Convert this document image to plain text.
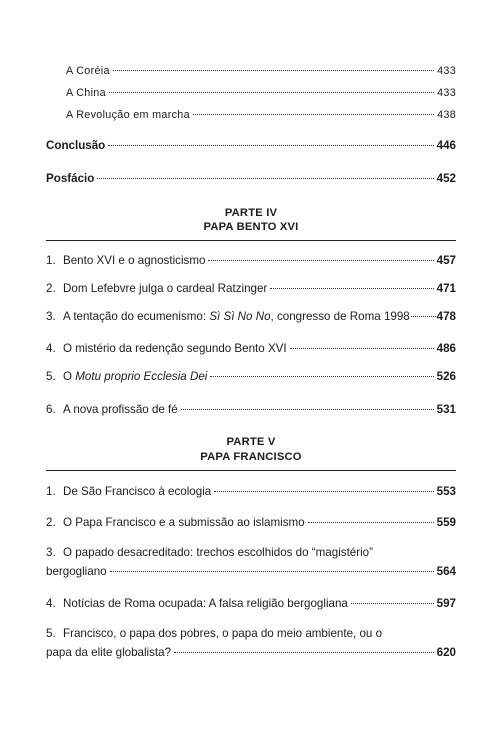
A Coréia	433
A China	433
A Revolução em marcha	438
Conclusão	446
Posfácio	452
PARTE IV
PAPA BENTO XVI
1. Bento XVI e o agnosticismo	457
2. Dom Lefebvre julga o cardeal Ratzinger	471
3. A tentação do ecumenismo: Sì Sì No No, congresso de Roma 1998 478
4. O mistério da redenção segundo Bento XVI	486
5. O Motu proprio Ecclesia Dei	526
6. A nova profissão de fé	531
PARTE V
PAPA FRANCISCO
1. De São Francisco à ecologia	553
2. O Papa Francisco e a submissão ao islamismo	559
3. O papado desacreditado: trechos escolhidos do “magistério”
bergogliano	564
4. Notícias de Roma ocupada: A falsa religião bergogliana	597
5. Francisco, o papa dos pobres, o papa do meio ambiente, ou o
papa da elite globalista?	620
